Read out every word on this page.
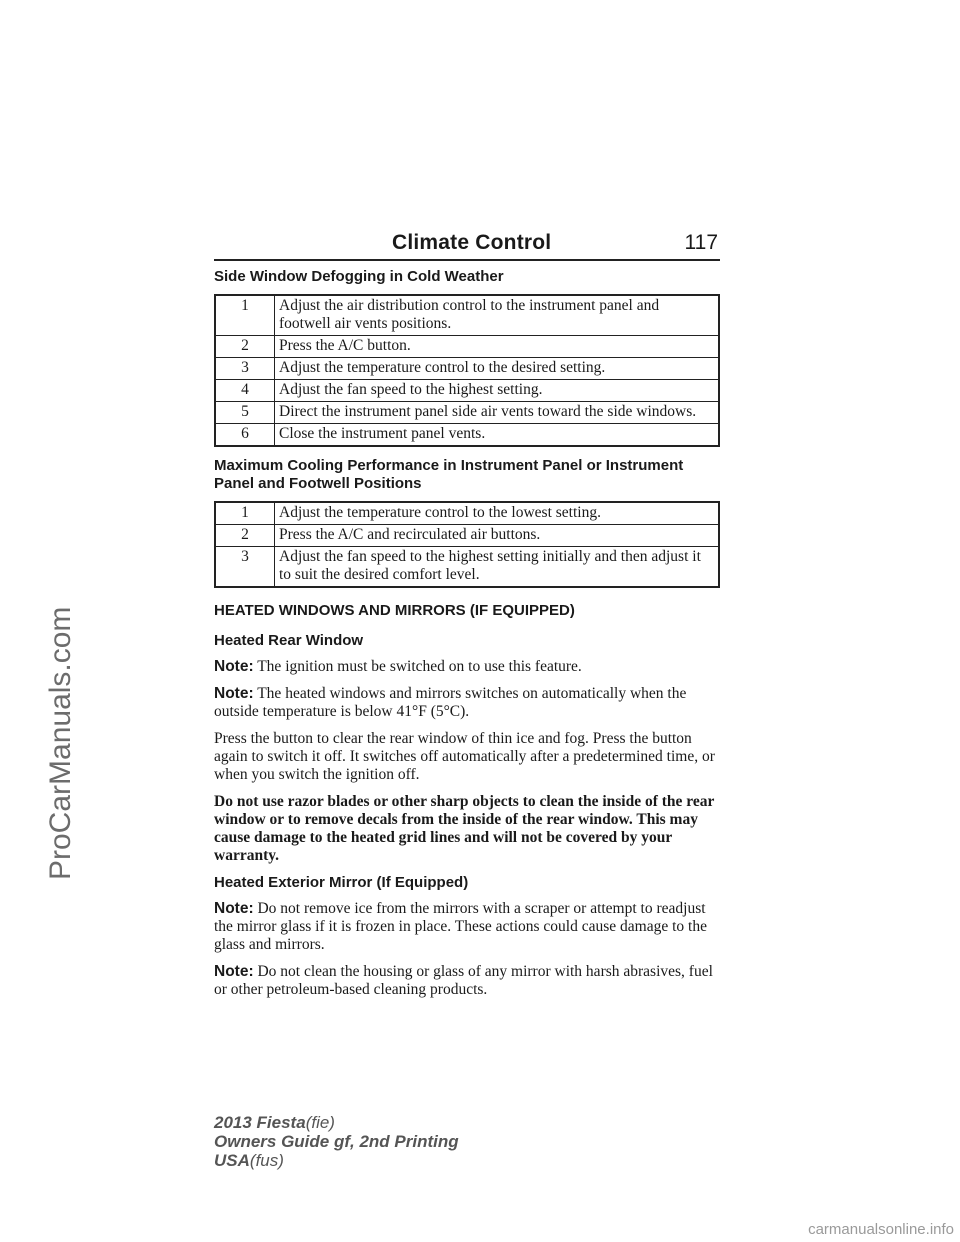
Climate Control	117
Side Window Defogging in Cold Weather
1	Adjust the air distribution control to the instrument panel and footwell air vents positions.
2	Press the A/C button.
3	Adjust the temperature control to the desired setting.
4	Adjust the fan speed to the highest setting.
5	Direct the instrument panel side air vents toward the side windows.
6	Close the instrument panel vents.
Maximum Cooling Performance in Instrument Panel or Instrument Panel and Footwell Positions
1	Adjust the temperature control to the lowest setting.
2	Press the A/C and recirculated air buttons.
3	Adjust the fan speed to the highest setting initially and then adjust it to suit the desired comfort level.
HEATED WINDOWS AND MIRRORS (IF EQUIPPED)
Heated Rear Window

Note: The ignition must be switched on to use this feature.

Note: The heated windows and mirrors switches on automatically when the outside temperature is below 41°F (5°C).

Press the button to clear the rear window of thin ice and fog. Press the button again to switch it off. It switches off automatically after a predetermined time, or when you switch the ignition off.

Do not use razor blades or other sharp objects to clean the inside of the rear window or to remove decals from the inside of the rear window. This may cause damage to the heated grid lines and will not be covered by your warranty.

Heated Exterior Mirror (If Equipped)

Note: Do not remove ice from the mirrors with a scraper or attempt to readjust the mirror glass if it is frozen in place. These actions could cause damage to the glass and mirrors.

Note: Do not clean the housing or glass of any mirror with harsh abrasives, fuel or other petroleum-based cleaning products.

2013 Fiesta(fie)
Owners Guide gf, 2nd Printing
USA(fus)
ProCarManuals.com
carmanualsonline.info
